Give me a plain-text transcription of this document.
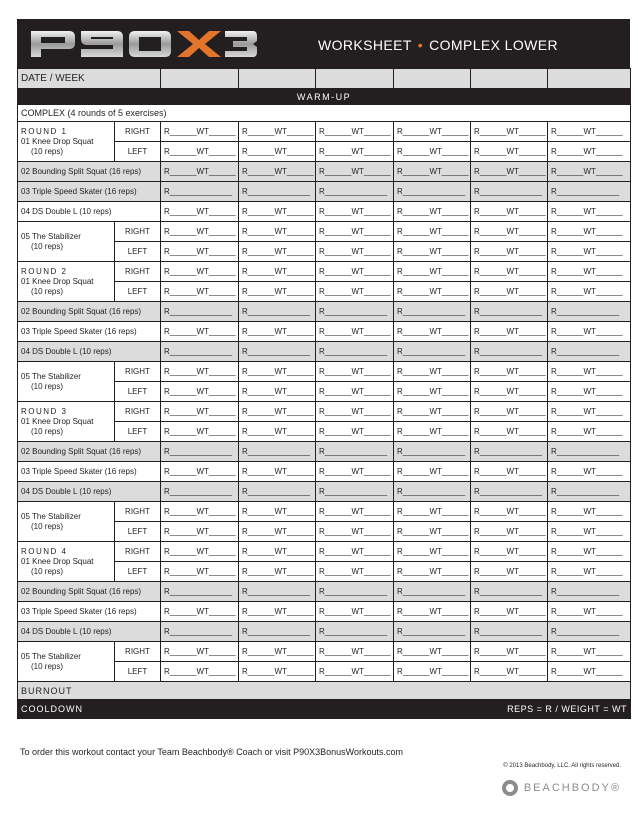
WORKSHEET • COMPLEX LOWER
DATE / WEEK							
WARM-UP							
COMPLEX (4 rounds of 5 exercises)							

ROUND 1
01 Knee Drop Squat
(10 reps)	RIGHT	R______WT______	R______WT______	R______WT______	R______WT______	R______WT______	R______WT______
	LEFT	R______WT______	R______WT______	R______WT______	R______WT______	R______WT______	R______WT______
02 Bounding Split Squat (16 reps)		R______WT______	R______WT______	R______WT______	R______WT______	R______WT______	R______WT______
03 Triple Speed Skater (16 reps)		R______________	R______________	R______________	R______________	R______________	R______________
04 DS Double L (10 reps)		R______WT______	R______WT______	R______WT______	R______WT______	R______WT______	R______WT______

05 The Stabilizer
(10 reps)	RIGHT	R______WT______	R______WT______	R______WT______	R______WT______	R______WT______	R______WT______
	LEFT	R______WT______	R______WT______	R______WT______	R______WT______	R______WT______	R______WT______

ROUND 2
01 Knee Drop Squat
(10 reps)	RIGHT	R______WT______	R______WT______	R______WT______	R______WT______	R______WT______	R______WT______
	LEFT	R______WT______	R______WT______	R______WT______	R______WT______	R______WT______	R______WT______
02 Bounding Split Squat (16 reps)		R______________	R______________	R______________	R______________	R______________	R______________
03 Triple Speed Skater (16 reps)		R______WT______	R______WT______	R______WT______	R______WT______	R______WT______	R______WT______
04 DS Double L (10 reps)		R______________	R______________	R______________	R______________	R______________	R______________

05 The Stabilizer
(10 reps)	RIGHT	R______WT______	R______WT______	R______WT______	R______WT______	R______WT______	R______WT______
	LEFT	R______WT______	R______WT______	R______WT______	R______WT______	R______WT______	R______WT______

ROUND 3
01 Knee Drop Squat
(10 reps)	RIGHT	R______WT______	R______WT______	R______WT______	R______WT______	R______WT______	R______WT______
	LEFT	R______WT______	R______WT______	R______WT______	R______WT______	R______WT______	R______WT______
02 Bounding Split Squat (16 reps)		R______________	R______________	R______________	R______________	R______________	R______________
03 Triple Speed Skater (16 reps)		R______WT______	R______WT______	R______WT______	R______WT______	R______WT______	R______WT______
04 DS Double L (10 reps)		R______________	R______________	R______________	R______________	R______________	R______________

05 The Stabilizer
(10 reps)	RIGHT	R______WT______	R______WT______	R______WT______	R______WT______	R______WT______	R______WT______
	LEFT	R______WT______	R______WT______	R______WT______	R______WT______	R______WT______	R______WT______

ROUND 4
01 Knee Drop Squat
(10 reps)	RIGHT	R______WT______	R______WT______	R______WT______	R______WT______	R______WT______	R______WT______
	LEFT	R______WT______	R______WT______	R______WT______	R______WT______	R______WT______	R______WT______
02 Bounding Split Squat (16 reps)		R______________	R______________	R______________	R______________	R______________	R______________
03 Triple Speed Skater (16 reps)		R______WT______	R______WT______	R______WT______	R______WT______	R______WT______	R______WT______
04 DS Double L (10 reps)		R______________	R______________	R______________	R______________	R______________	R______________

05 The Stabilizer
(10 reps)	RIGHT	R______WT______	R______WT______	R______WT______	R______WT______	R______WT______	R______WT______
	LEFT	R______WT______	R______WT______	R______WT______	R______WT______	R______WT______	R______WT______
BURNOUT							
COOLDOWN REPS = R / WEIGHT = WT							
To order this workout contact your Team Beachbody® Coach or visit P90X3BonusWorkouts.com
© 2013 Beachbody, LLC. All rights reserved.
BEACHBODY®
